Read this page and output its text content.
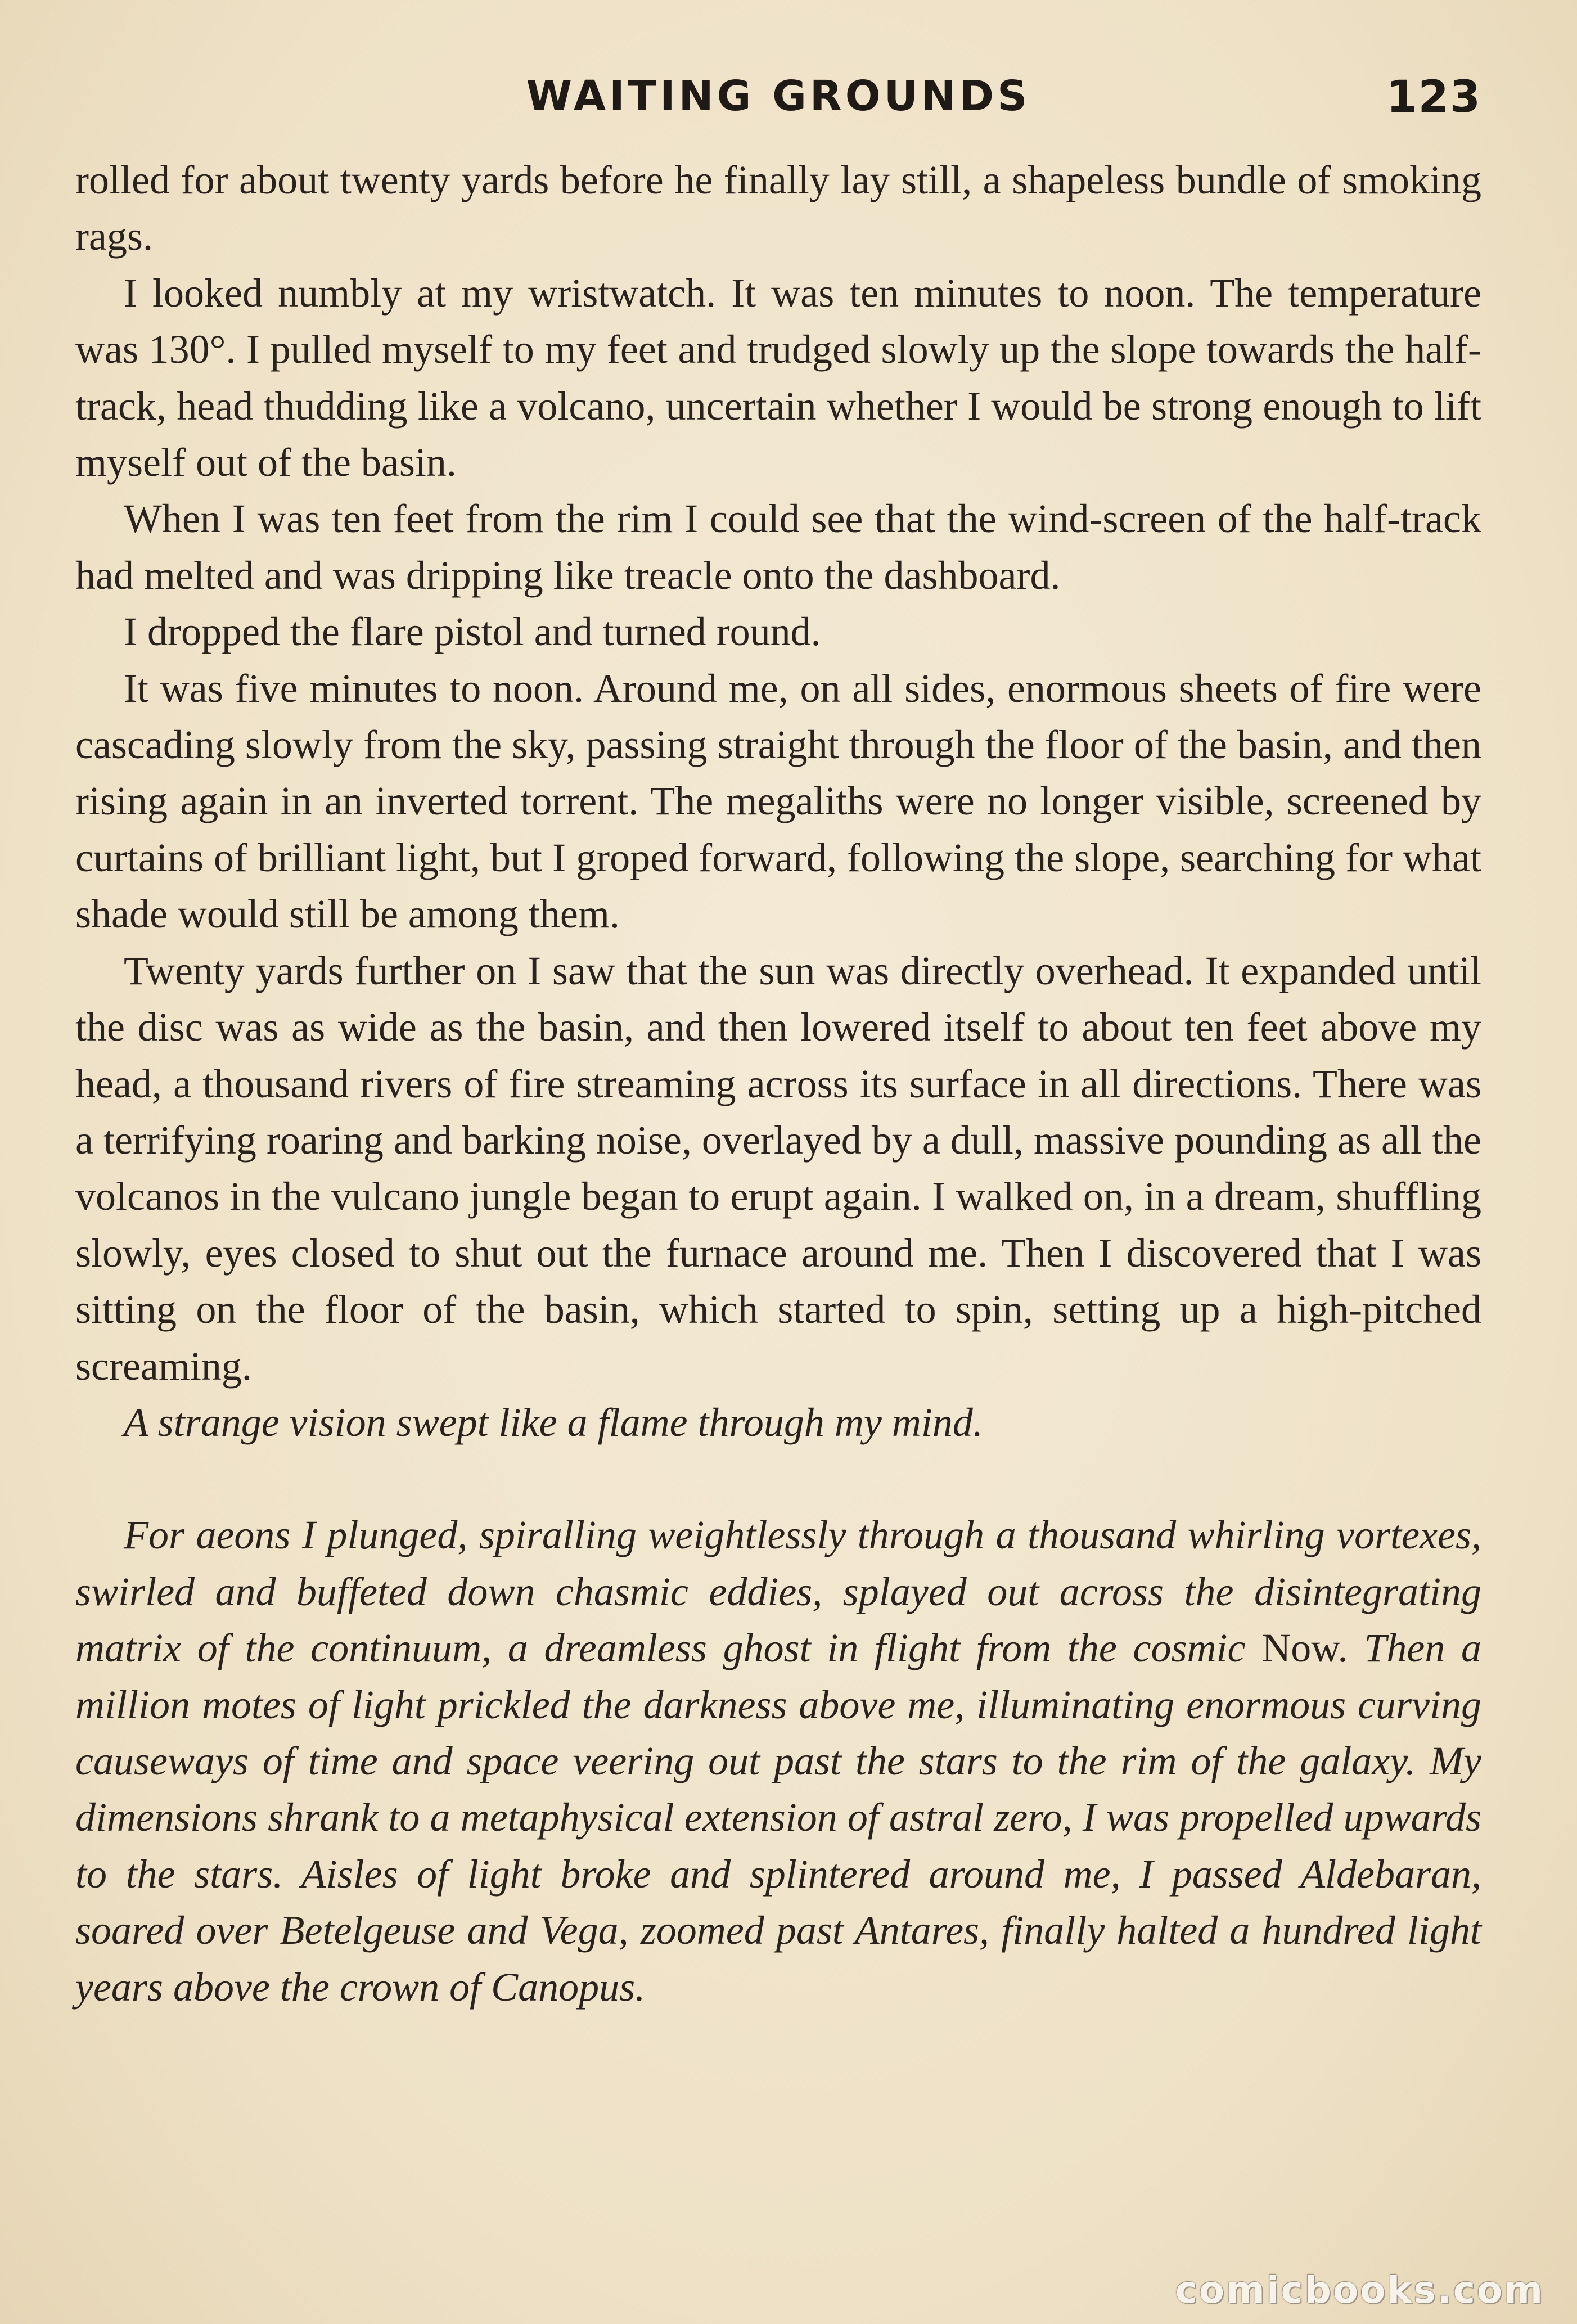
WAITING GROUNDS	123

rolled for about twenty yards before he finally lay still, a shapeless bundle of smoking rags.

I looked numbly at my wristwatch. It was ten minutes to noon. The temperature was 130°. I pulled myself to my feet and trudged slowly up the slope towards the half-track, head thudding like a volcano, uncertain whether I would be strong enough to lift myself out of the basin.

When I was ten feet from the rim I could see that the wind-screen of the half-track had melted and was dripping like treacle onto the dashboard.

I dropped the flare pistol and turned round.

It was five minutes to noon. Around me, on all sides, enormous sheets of fire were cascading slowly from the sky, passing straight through the floor of the basin, and then rising again in an inverted torrent. The megaliths were no longer visible, screened by curtains of brilliant light, but I groped forward, following the slope, searching for what shade would still be among them.

Twenty yards further on I saw that the sun was directly overhead. It expanded until the disc was as wide as the basin, and then lowered itself to about ten feet above my head, a thousand rivers of fire streaming across its surface in all directions. There was a terrifying roaring and barking noise, overlayed by a dull, massive pounding as all the volcanos in the vulcano jungle began to erupt again. I walked on, in a dream, shuffling slowly, eyes closed to shut out the furnace around me. Then I discovered that I was sitting on the floor of the basin, which started to spin, setting up a high-pitched screaming.

A strange vision swept like a flame through my mind.

For aeons I plunged, spiralling weightlessly through a thousand whirling vortexes, swirled and buffeted down chasmic eddies, splayed out across the disintegrating matrix of the continuum, a dreamless ghost in flight from the cosmic Now. Then a million motes of light prickled the darkness above me, illuminating enormous curving causeways of time and space veering out past the stars to the rim of the galaxy. My dimensions shrank to a metaphysical extension of astral zero, I was propelled upwards to the stars. Aisles of light broke and splintered around me, I passed Aldebaran, soared over Betelgeuse and Vega, zoomed past Antares, finally halted a hundred light years above the crown of Canopus.

comicbooks.com
